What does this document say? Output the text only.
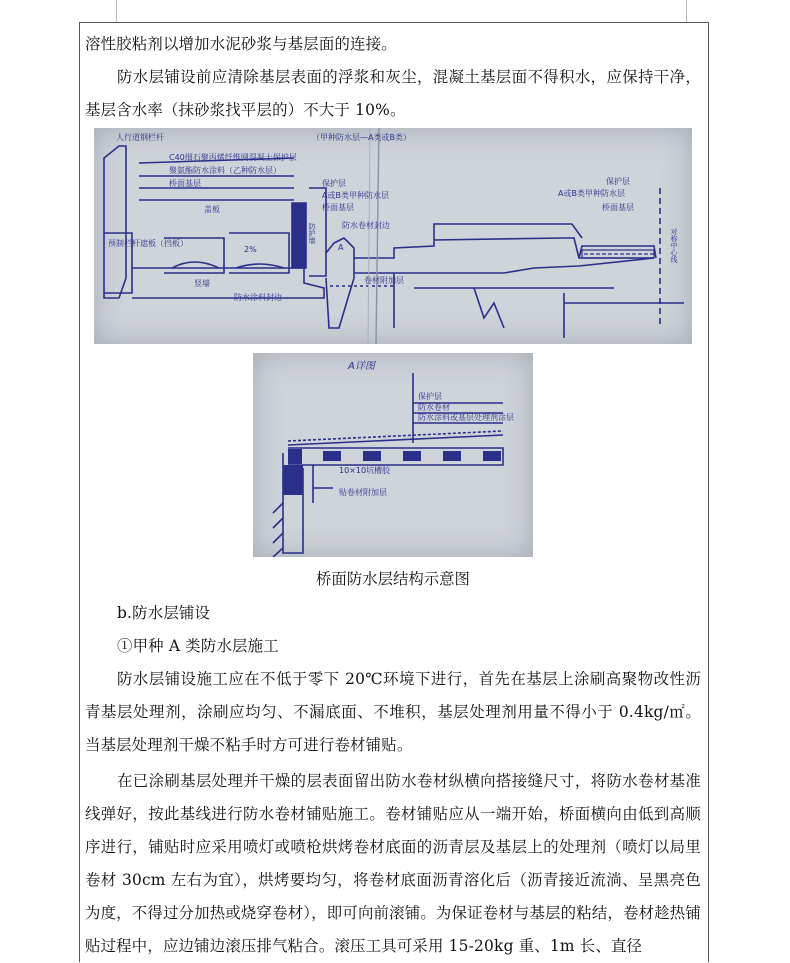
溶性胶粘剂以增加水泥砂浆与基层面的连接。

防水层铺设前应清除基层表面的浮浆和灰尘，混凝土基层面不得积水，应保持干净，基层含水率（抹砂浆找平层的）不大于 10%。

人行道钢栏杆	（甲种防水层—A类或B类）
C40细石聚丙烯纤维网混凝土保护层
聚氨酯防水涂料（乙种防水层）
桥面基层
盖板
保护层
A或B类甲种防水层
桥面基层
防水卷材封边
预制栏杆遮板（挡板）
竖墙
防水涂料封边
卷材附加层
A
保护层
A或B类甲种防水层
桥面基层
2%	对称中心线
防护墙
A详图
保护层
防水卷材
防水涂料或基层处理剂涂层
10×10坑槽胶
贴卷材附加层
桥面防水层结构示意图

b.防水层铺设

①甲种 A 类防水层施工

防水层铺设施工应在不低于零下 20℃环境下进行，首先在基层上涂刷高聚物改性沥青基层处理剂，涂刷应均匀、不漏底面、不堆积，基层处理剂用量不得小于 0.4kg/㎡。当基层处理剂干燥不粘手时方可进行卷材铺贴。

在已涂刷基层处理并干燥的层表面留出防水卷材纵横向搭接缝尺寸，将防水卷材基准线弹好，按此基线进行防水卷材铺贴施工。卷材铺贴应从一端开始，桥面横向由低到高顺序进行，铺贴时应采用喷灯或喷枪烘烤卷材底面的沥青层及基层上的处理剂（喷灯以局里卷材 30cm 左右为宜），烘烤要均匀，将卷材底面沥青溶化后（沥青接近流淌、呈黑亮色为度，不得过分加热或烧穿卷材），即可向前滚铺。为保证卷材与基层的粘结，卷材趁热铺贴过程中，应边铺边滚压排气粘合。滚压工具可采用 15-20kg 重、1m 长、直径
